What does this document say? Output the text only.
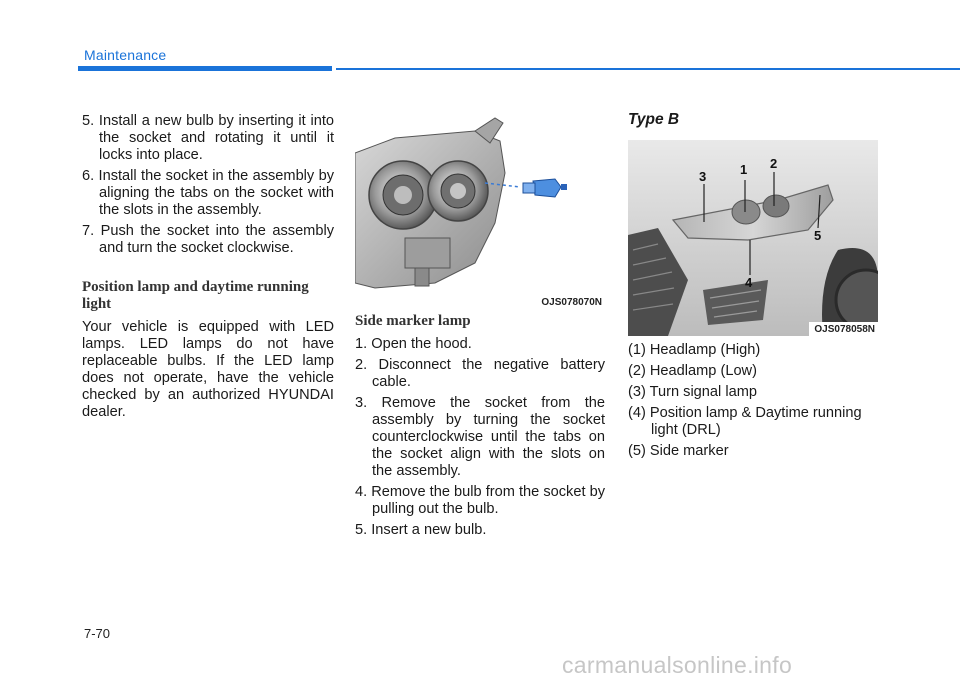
Maintenance
5. Install a new bulb by inserting it into the socket and rotating it until it locks into place.
6. Install the socket in the assembly by aligning the tabs on the socket with the slots in the assembly.
7. Push the socket into the assembly and turn the socket clockwise.
Position lamp and daytime running light

Your vehicle is equipped with LED lamps. LED lamps do not have replaceable bulbs. If the LED lamp does not operate, have the vehicle checked by an authorized HYUNDAI dealer.

OJS078070N
Side marker lamp
1. Open the hood.
2. Disconnect the negative battery cable.
3. Remove the socket from the assembly by turning the socket counterclockwise until the tabs on the socket align with the slots on the assembly.
4. Remove the bulb from the socket by pulling out the bulb.
5. Insert a new bulb.
Type B
1 2
3
4
5
OJS078058N
(1) Headlamp (High)
(2) Headlamp (Low)
(3) Turn signal lamp
(4) Position lamp & Daytime running light (DRL)
(5) Side marker
7-70
carmanualsonline.info
